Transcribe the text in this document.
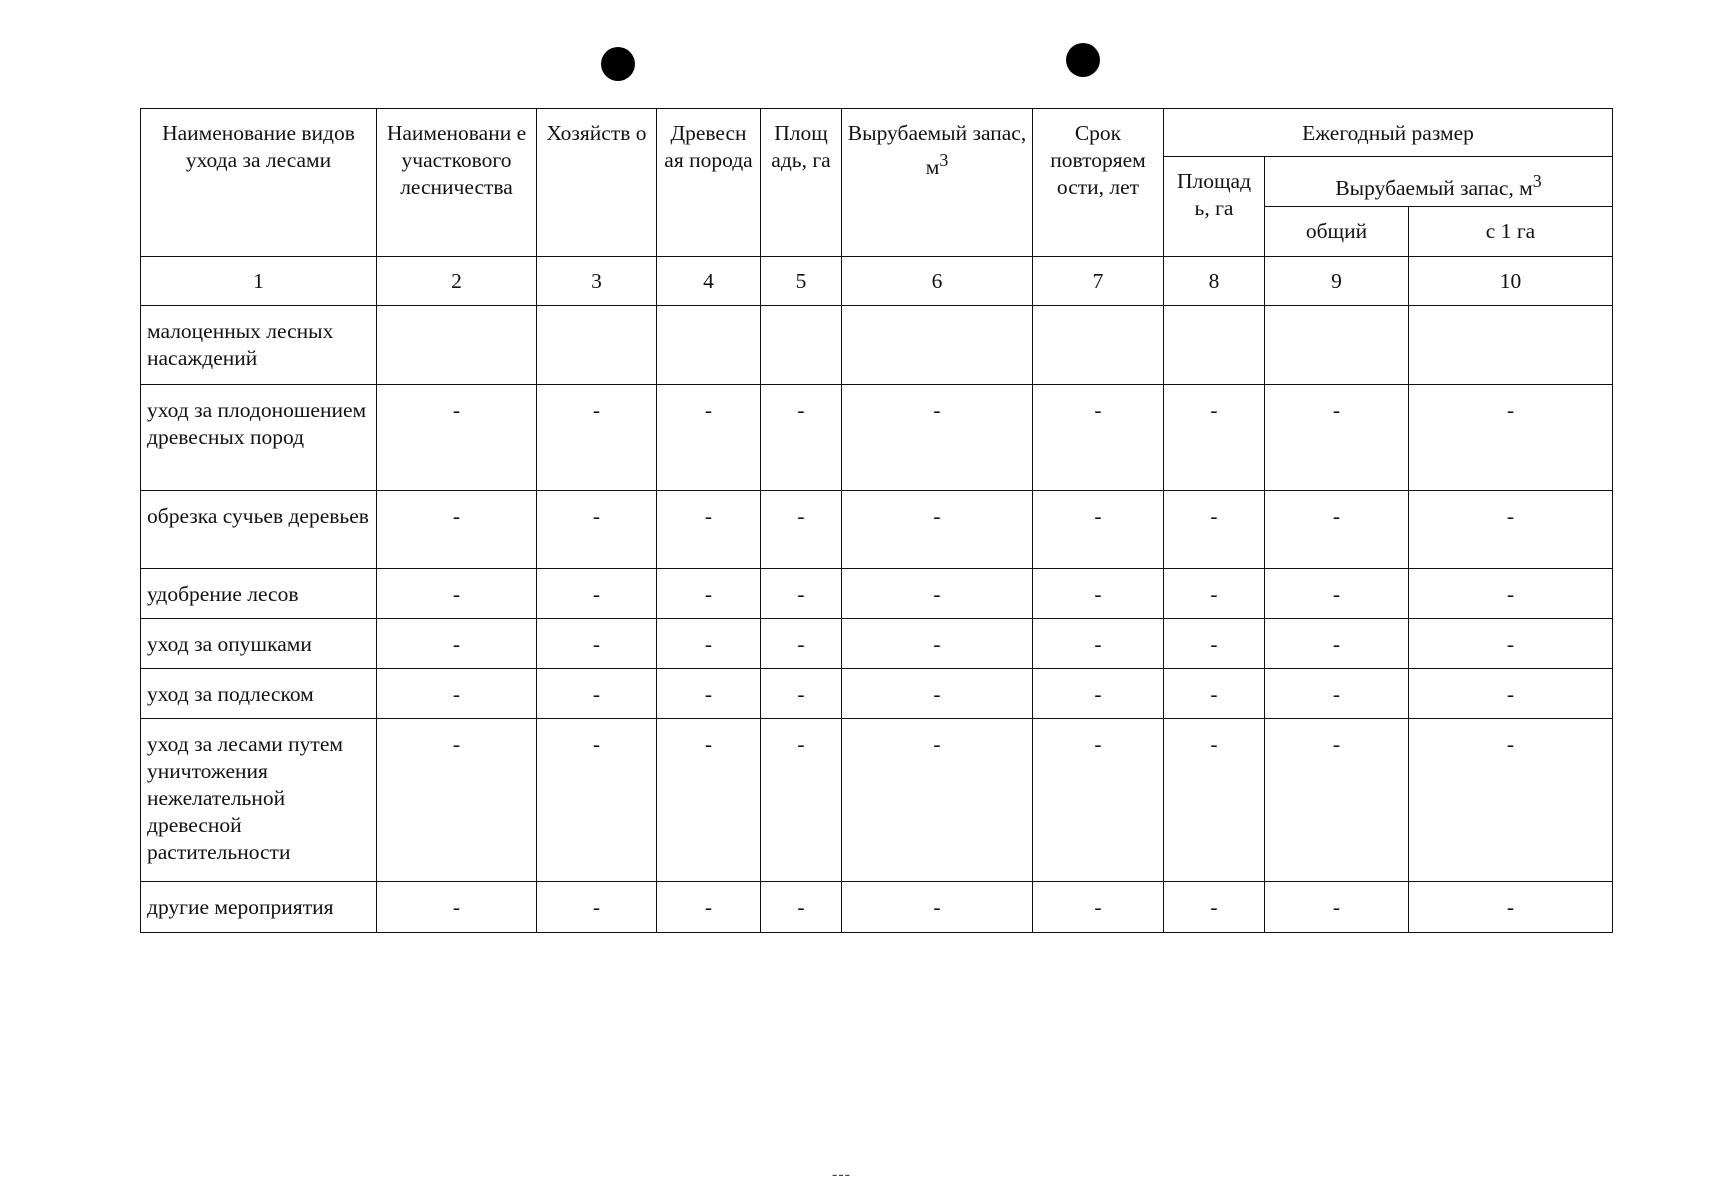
Наименование видов ухода за лесами	Наименовани е участкового лесничества	Хозяйств о	Древесн ая порода	Площ адь, га	Вырубаемый запас, $м^3$	Срок повторяем ости, лет	Ежегодный размер		
							Площад ь, га	Вырубаемый запас, $м^3$
								общий	с 1 га
1	2	3	4	5	6	7	8	9	10
малоценных лесных насаждений									
уход за плодоношением древесных пород	-	-	-	-	-	-	-	-	-
обрезка сучьев деревьев	-	-	-	-	-	-	-	-	-
удобрение лесов	-	-	-	-	-	-	-	-	-
уход за опушками	-	-	-	-	-	-	-	-	-
уход за подлеском	-	-	-	-	-	-	-	-	-
уход за лесами путем уничтожения нежелательной древесной растительности	-	-	-	-	-	-	-	-	-
другие мероприятия	-	-	-	-	-	-	-	-	-
---
